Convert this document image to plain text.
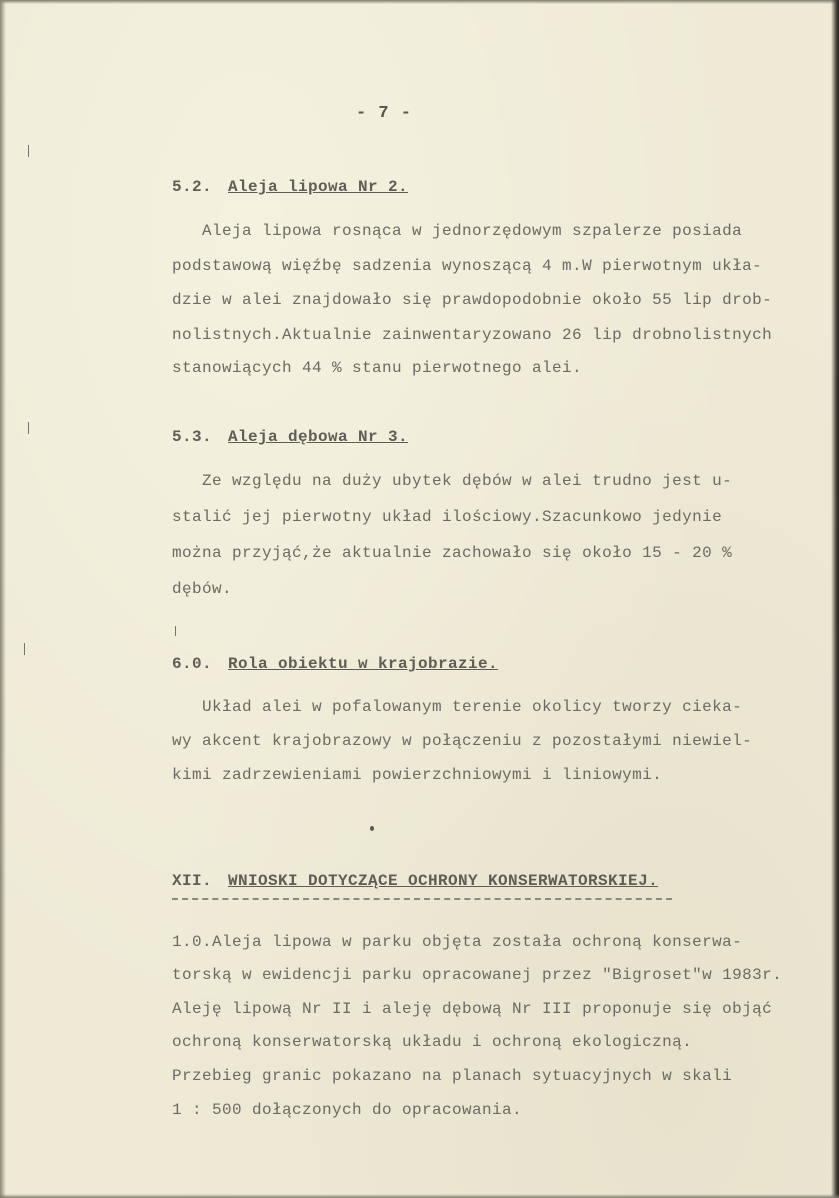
- 7 -
5.2. Aleja lipowa Nr 2.
Aleja lipowa rosnąca w jednorzędowym szpalerze posiada
podstawową więźbę sadzenia wynoszącą 4 m.W pierwotnym ukła-
dzie w alei znajdowało się prawdopodobnie około 55 lip drob-
nolistnych.Aktualnie zainwentaryzowano 26 lip drobnolistnych
stanowiących 44 % stanu pierwotnego alei.
5.3. Aleja dębowa Nr 3.
Ze względu na duży ubytek dębów w alei trudno jest u-
stalić jej pierwotny układ ilościowy.Szacunkowo jedynie
można przyjąć,że aktualnie zachowało się około 15 - 20 %
dębów.
6.0. Rola obiektu w krajobrazie.
Układ alei w pofalowanym terenie okolicy tworzy cieka-
wy akcent krajobrazowy w połączeniu z pozostałymi niewiel-
kimi zadrzewieniami powierzchniowymi i liniowymi.
XII. WNIOSKI DOTYCZĄCE OCHRONY KONSERWATORSKIEJ.
1.0.Aleja lipowa w parku objęta została ochroną konserwa-
torską w ewidencji parku opracowanej przez "Bigroset"w 1983r.
Aleję lipową Nr II i aleję dębową Nr III proponuje się objąć
ochroną konserwatorską układu i ochroną ekologiczną.
Przebieg granic pokazano na planach sytuacyjnych w skali
1 : 500 dołączonych do opracowania.
